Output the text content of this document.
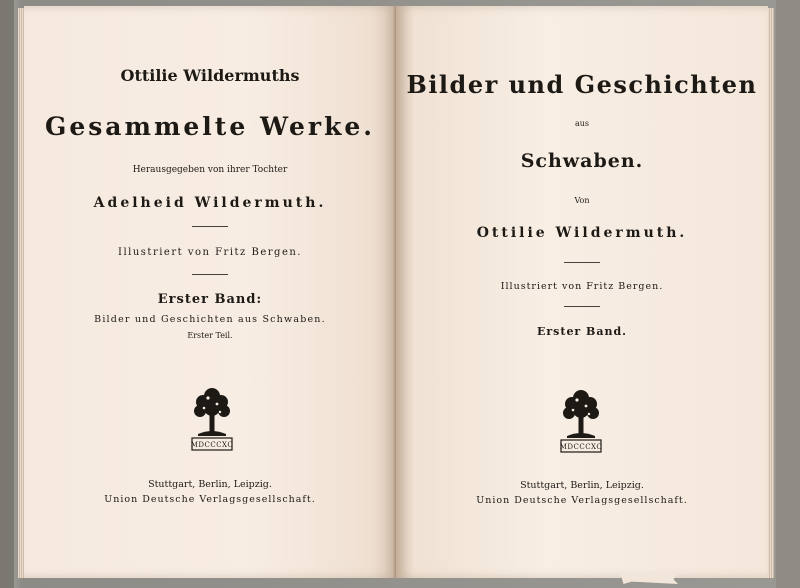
Ottilie Wildermuths
Gesammelte Werke.
Herausgegeben von ihrer Tochter
Adelheid Wildermuth.
Illustriert von Fritz Bergen.
Erster Band:
Bilder und Geschichten aus Schwaben.
Erster Teil.
MDCCCXC
Stuttgart, Berlin, Leipzig.
Union Deutsche Verlagsgesellschaft.
Bilder und Geschichten
aus
Schwaben.
Von
Ottilie Wildermuth.
Illustriert von Fritz Bergen.
Erster Band.
MDCCCXC
Stuttgart, Berlin, Leipzig.
Union Deutsche Verlagsgesellschaft.
